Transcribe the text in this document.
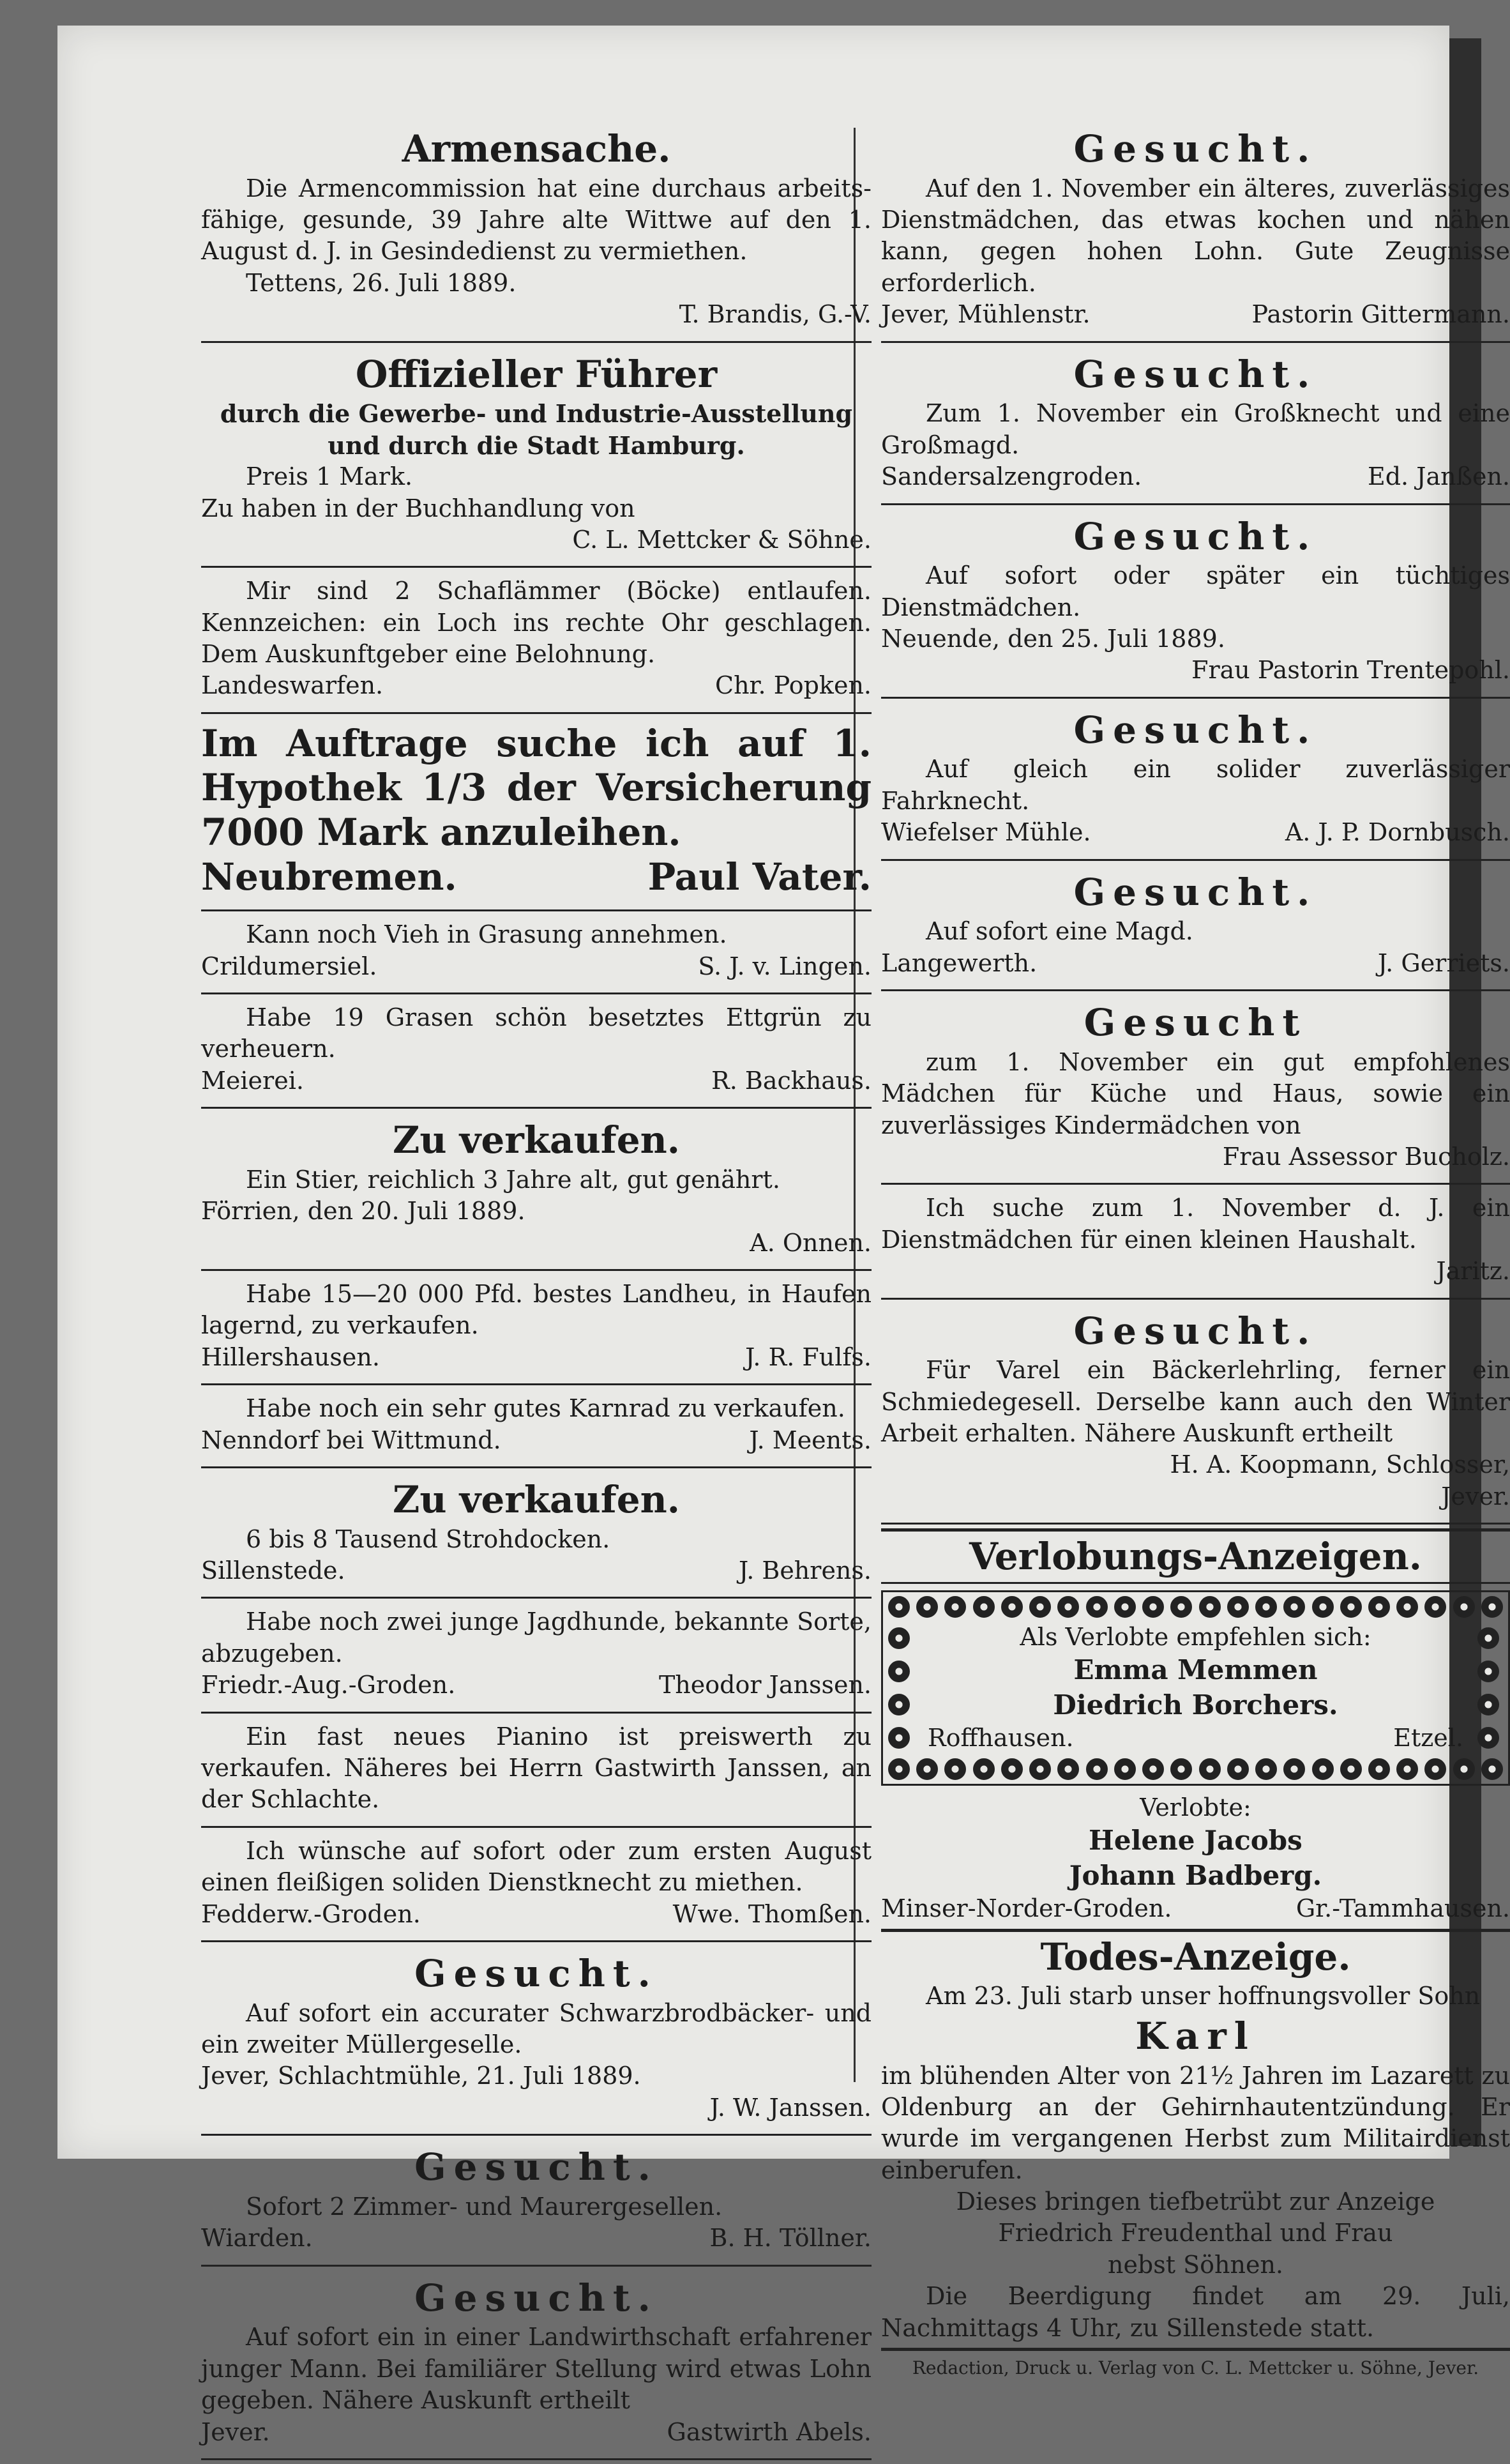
Armensache.
Die Armencommission hat eine durchaus arbeits-fähige, gesunde, 39 Jahre alte Wittwe auf den 1. August d. J. in Gesindedienst zu vermiethen.
Tettens, 26. Juli 1889.
T. Brandis, G.-V.
Offizieller Führer
durch die Gewerbe- und Industrie-Ausstellung und durch die Stadt Hamburg.
Preis 1 Mark.
Zu haben in der Buchhandlung von
C. L. Mettcker & Söhne.
Mir sind 2 Schaflämmer (Böcke) entlaufen. Kennzeichen: ein Loch ins rechte Ohr geschlagen. Dem Auskunftgeber eine Belohnung.
Landeswarfen.	Chr. Popken.
Im Auftrage suche ich auf 1. Hypothek 1/3 der Versicherung 7000 Mark anzuleihen.
Neubremen.	Paul Vater.
Kann noch Vieh in Grasung annehmen.
Crildumersiel.	S. J. v. Lingen.
Habe 19 Grasen schön besetztes Ettgrün zu verheuern.
Meierei.	R. Backhaus.
Zu verkaufen.
Ein Stier, reichlich 3 Jahre alt, gut genährt.
Förrien, den 20. Juli 1889.
A. Onnen.
Habe 15—20 000 Pfd. bestes Landheu, in Haufen lagernd, zu verkaufen.
Hillershausen.	J. R. Fulfs.
Habe noch ein sehr gutes Karnrad zu verkaufen.
Nenndorf bei Wittmund.	J. Meents.
Zu verkaufen.
6 bis 8 Tausend Strohdocken.
Sillenstede.	J. Behrens.
Habe noch zwei junge Jagdhunde, bekannte Sorte, abzugeben.
Friedr.-Aug.-Groden.	Theodor Janssen.
Ein fast neues Pianino ist preiswerth zu verkaufen. Näheres bei Herrn Gastwirth Janssen, an der Schlachte.
Ich wünsche auf sofort oder zum ersten August einen fleißigen soliden Dienstknecht zu miethen.
Fedderw.-Groden.	Wwe. Thomßen.
Gesucht.
Auf sofort ein accurater Schwarzbrodbäcker- und ein zweiter Müllergeselle.
Jever, Schlachtmühle, 21. Juli 1889.
J. W. Janssen.
Gesucht.
Sofort 2 Zimmer- und Maurergesellen.
Wiarden.	B. H. Töllner.
Gesucht.
Auf sofort ein in einer Landwirthschaft erfahrener junger Mann. Bei familiärer Stellung wird etwas Lohn gegeben. Nähere Auskunft ertheilt
Jever.	Gastwirth Abels.
Gesucht.
Auf den 1. November ein älteres, zuverlässiges Dienstmädchen, das etwas kochen und nähen kann, gegen hohen Lohn. Gute Zeugnisse erforderlich.
Jever, Mühlenstr.	Pastorin Gittermann.
Gesucht.
Zum 1. November ein Großknecht und eine Großmagd.
Sandersalzengroden.	Ed. Janßen.
Gesucht.
Auf sofort oder später ein tüchtiges Dienstmädchen.
Neuende, den 25. Juli 1889.
Frau Pastorin Trentepohl.
Gesucht.
Auf gleich ein solider zuverlässiger Fahrknecht.
Wiefelser Mühle.	A. J. P. Dornbusch.
Gesucht.
Auf sofort eine Magd.
Langewerth.	J. Gerriets.
Gesucht
zum 1. November ein gut empfohlenes Mädchen für Küche und Haus, sowie ein zuverlässiges Kindermädchen von
Frau Assessor Bucholz.
Ich suche zum 1. November d. J. ein Dienstmädchen für einen kleinen Haushalt.
Jaritz.
Gesucht.
Für Varel ein Bäckerlehrling, ferner ein Schmiedegesell. Derselbe kann auch den Winter Arbeit erhalten. Nähere Auskunft ertheilt
H. A. Koopmann, Schlosser,
Jever.
Verlobungs-Anzeigen.
Als Verlobte empfehlen sich:
Emma Memmen
Diedrich Borchers.
Roffhausen.	Etzel.
Verlobte:
Helene Jacobs
Johann Badberg.
Minser-Norder-Groden.	Gr.-Tammhausen.
Todes-Anzeige.
Am 23. Juli starb unser hoffnungsvoller Sohn
Karl
im blühenden Alter von 21½ Jahren im Lazarett zu Oldenburg an der Gehirnhautentzündung. Er wurde im vergangenen Herbst zum Militairdienst einberufen.
Dieses bringen tiefbetrübt zur Anzeige
Friedrich Freudenthal und Frau
nebst Söhnen.
Die Beerdigung findet am 29. Juli, Nachmittags 4 Uhr, zu Sillenstede statt.
Redaction, Druck u. Verlag von C. L. Mettcker u. Söhne, Jever.
